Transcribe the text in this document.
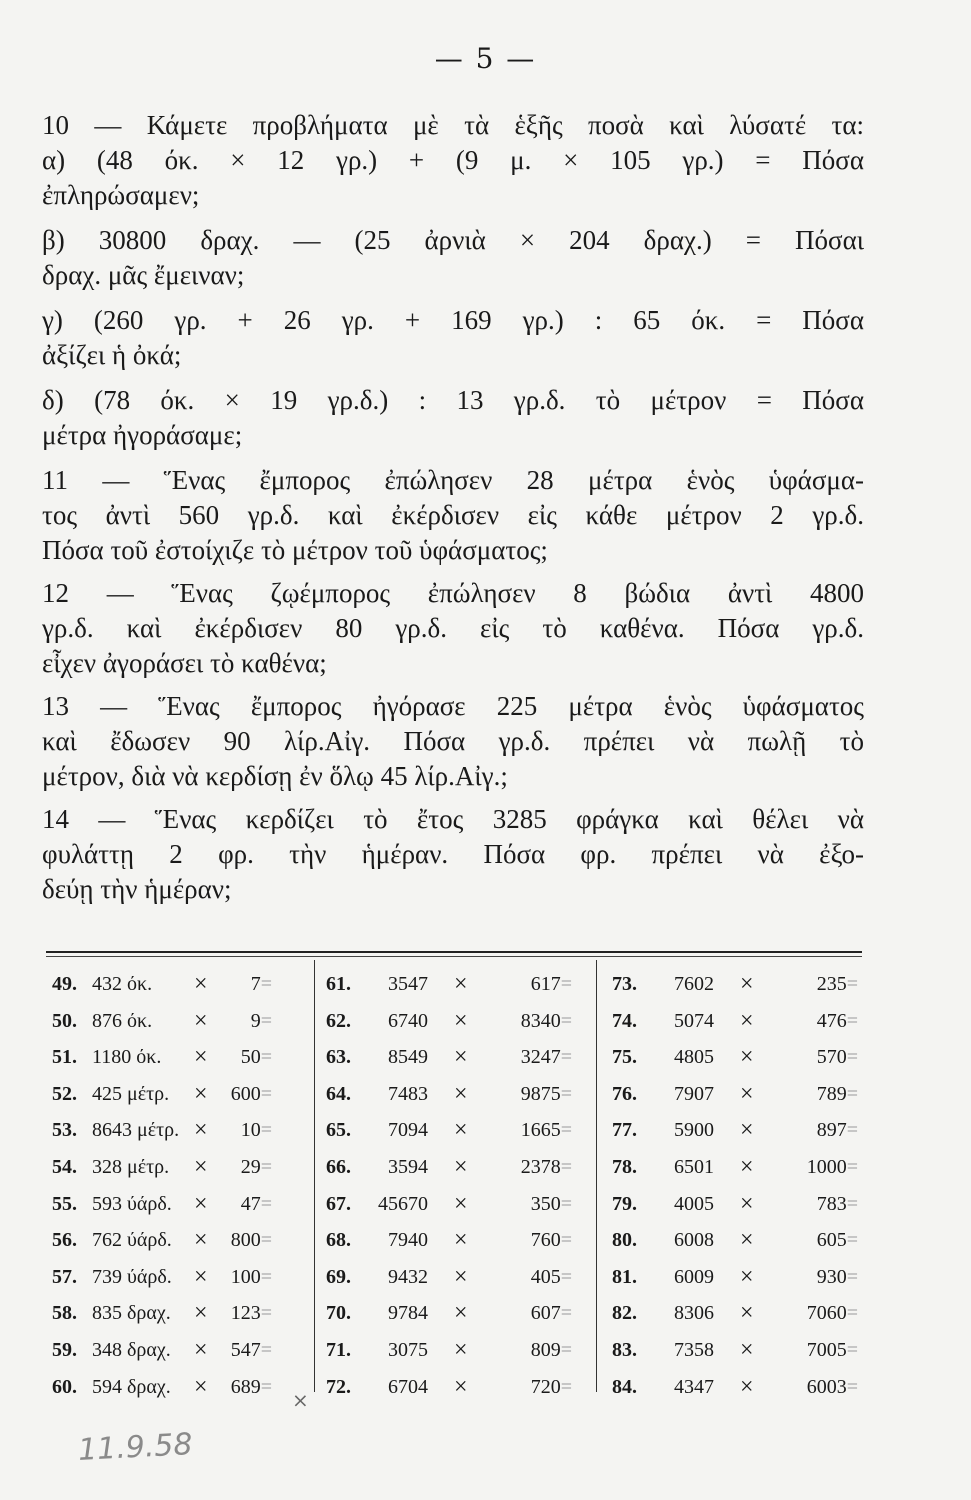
— 5 —
10 — Κάμετε προβλήματα μὲ τὰ ἑξῆς ποσὰ καὶ λύσατέ τα:
α) (48 όκ. × 12 γρ.) + (9 μ. × 105 γρ.) = Πόσα
ἐπληρώσαμεν;
β) 30800 δραχ. — (25 ἀρνιὰ × 204 δραχ.) = Πόσαι
δραχ. μᾶς ἔμειναν;
γ) (260 γρ. + 26 γρ. + 169 γρ.) : 65 όκ. = Πόσα
ἀξίζει ἡ ὀκά;
δ) (78 όκ. × 19 γρ.δ.) : 13 γρ.δ. τὸ μέτρον = Πόσα
μέτρα ἠγοράσαμε;
11 — Ἕνας ἔμπορος ἐπώλησεν 28 μέτρα ἑνὸς ὑφάσμα-
τος ἀντὶ 560 γρ.δ. καὶ ἐκέρδισεν εἰς κάθε μέτρον 2 γρ.δ.
Πόσα τοῦ ἐστοίχιζε τὸ μέτρον τοῦ ὑφάσματος;
12 — Ἕνας ζῳέμπορος ἐπώλησεν 8 βώδια ἀντὶ 4800
γρ.δ. καὶ ἐκέρδισεν 80 γρ.δ. εἰς τὸ καθένα. Πόσα γρ.δ.
εἶχεν ἀγοράσει τὸ καθένα;
13 — Ἕνας ἔμπορος ἠγόρασε 225 μέτρα ἑνὸς ὑφάσματος
καὶ ἔδωσεν 90 λίρ.Αἰγ. Πόσα γρ.δ. πρέπει νὰ πωλῇ τὸ
μέτρον, διὰ νὰ κερδίσῃ ἐν ὅλῳ 45 λίρ.Αἰγ.;
14 — Ἕνας κερδίζει τὸ ἔτος 3285 φράγκα καὶ θέλει νὰ
φυλάττῃ 2 φρ. τὴν ἡμέραν. Πόσα φρ. πρέπει νὰ ἐξο-
δεύῃ τὴν ἡμέραν;
49. 432 όκ. × 7=
50. 876 όκ. × 9=
51. 1180 όκ. × 50=
52. 425 μέτρ. × 600=
53. 8643 μέτρ. × 10=
54. 328 μέτρ. × 29=
55. 593 ύάρδ. × 47=
56. 762 ύάρδ. × 800=
57. 739 ύάρδ. × 100=
58. 835 δραχ. × 123=
59. 348 δραχ. × 547=
60. 594 δραχ. × 689=
61. 3547 ×	617=
62. 6740 ×	8340=
63. 8549 ×	3247=
64. 7483 ×	9875=
65. 7094 ×	1665=
66. 3594 ×	2378=
67. 45670 ×	350=
68. 7940 ×	760=
69. 9432 ×	405=
70. 9784 ×	607=
71. 3075 ×	809=
72. 6704 ×	720=
73. 7602 ×	235=
74. 5074 ×	476=
75. 4805 ×	570=
76. 7907 ×	789=
77. 5900 ×	897=
78. 6501 ×	1000=
79. 4005 ×	783=
80. 6008 ×	605=
81. 6009 ×	930=
82. 8306 ×	7060=
83. 7358 ×	7005=
84. 4347 ×	6003=
×
11.9.58
